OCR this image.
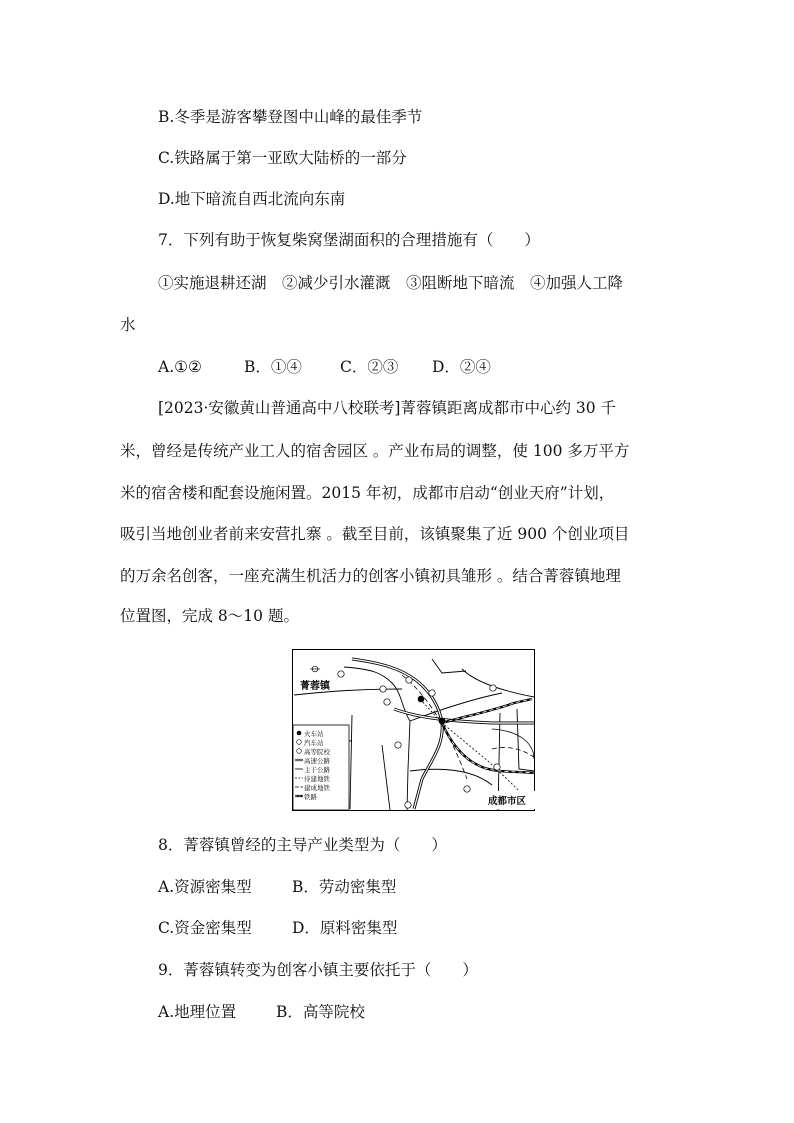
B.冬季是游客攀登图中山峰的最佳季节
C.铁路属于第一亚欧大陆桥的一部分
D.地下暗流自西北流向东南
7．下列有助于恢复柴窝堡湖面积的合理措施有（　　）
①实施退耕还湖　②减少引水灌溉　③阻断地下暗流　④加强人工降
水
A.①②	B．①④ C．②③ D．②④
[2023·安徽黄山普通高中八校联考]菁蓉镇距离成都市中心约 30 千
米，曾经是传统产业工人的宿舍园区 。产业布局的调整，使 100 多万平方
米的宿舍楼和配套设施闲置。2015 年初，成都市启动“创业天府”计划，
吸引当地创业者前来安营扎寨 。截至目前，该镇聚集了近 900 个创业项目
的万余名创客，一座充满生机活力的创客小镇初具雏形 。结合菁蓉镇地理
位置图，完成 8～10 题。
菁蓉镇
成都市区
火车站
汽车站
高等院校
高速公路
主干公路
待建地铁
建成地铁
铁路
8．菁蓉镇曾经的主导产业类型为（　　）
A.资源密集型	B．劳动密集型
C.资金密集型	D．原料密集型
9．菁蓉镇转变为创客小镇主要依托于（　　）
A.地理位置	B．高等院校
